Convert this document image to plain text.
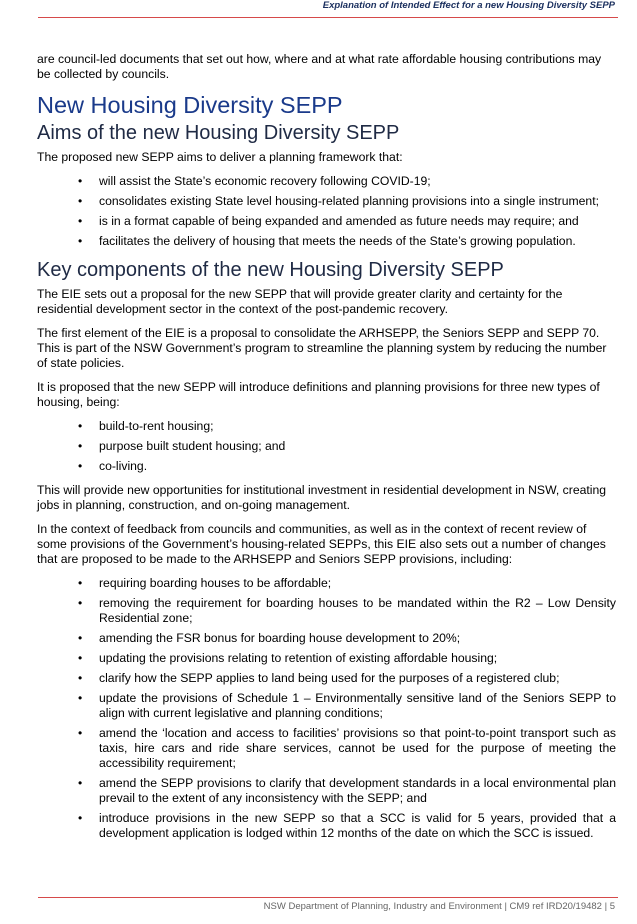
Explanation of Intended Effect for a new Housing Diversity SEPP

are council-led documents that set out how, where and at what rate affordable housing contributions may be collected by councils.

New Housing Diversity SEPP
Aims of the new Housing Diversity SEPP

The proposed new SEPP aims to deliver a planning framework that:

• will assist the State’s economic recovery following COVID-19;
• consolidates existing State level housing-related planning provisions into a single instrument;
• is in a format capable of being expanded and amended as future needs may require; and
• facilitates the delivery of housing that meets the needs of the State’s growing population.
Key components of the new Housing Diversity SEPP

The EIE sets out a proposal for the new SEPP that will provide greater clarity and certainty for the residential development sector in the context of the post-pandemic recovery.

The first element of the EIE is a proposal to consolidate the ARHSEPP, the Seniors SEPP and SEPP 70. This is part of the NSW Government’s program to streamline the planning system by reducing the number of state policies.

It is proposed that the new SEPP will introduce definitions and planning provisions for three new types of housing, being:

• build-to-rent housing;
• purpose built student housing; and
• co-living.

This will provide new opportunities for institutional investment in residential development in NSW, creating jobs in planning, construction, and on-going management.

In the context of feedback from councils and communities, as well as in the context of recent review of some provisions of the Government’s housing-related SEPPs, this EIE also sets out a number of changes that are proposed to be made to the ARHSEPP and Seniors SEPP provisions, including:

• requiring boarding houses to be affordable;
• removing the requirement for boarding houses to be mandated within the R2 – Low Density Residential zone;
• amending the FSR bonus for boarding house development to 20%;
• updating the provisions relating to retention of existing affordable housing;
• clarify how the SEPP applies to land being used for the purposes of a registered club;
• update the provisions of Schedule 1 – Environmentally sensitive land of the Seniors SEPP to align with current legislative and planning conditions;
• amend the ‘location and access to facilities’ provisions so that point-to-point transport such as taxis, hire cars and ride share services, cannot be used for the purpose of meeting the accessibility requirement;
• amend the SEPP provisions to clarify that development standards in a local environmental plan prevail to the extent of any inconsistency with the SEPP; and
• introduce provisions in the new SEPP so that a SCC is valid for 5 years, provided that a development application is lodged within 12 months of the date on which the SCC is issued.
NSW Department of Planning, Industry and Environment | CM9 ref IRD20/19482 | 5
